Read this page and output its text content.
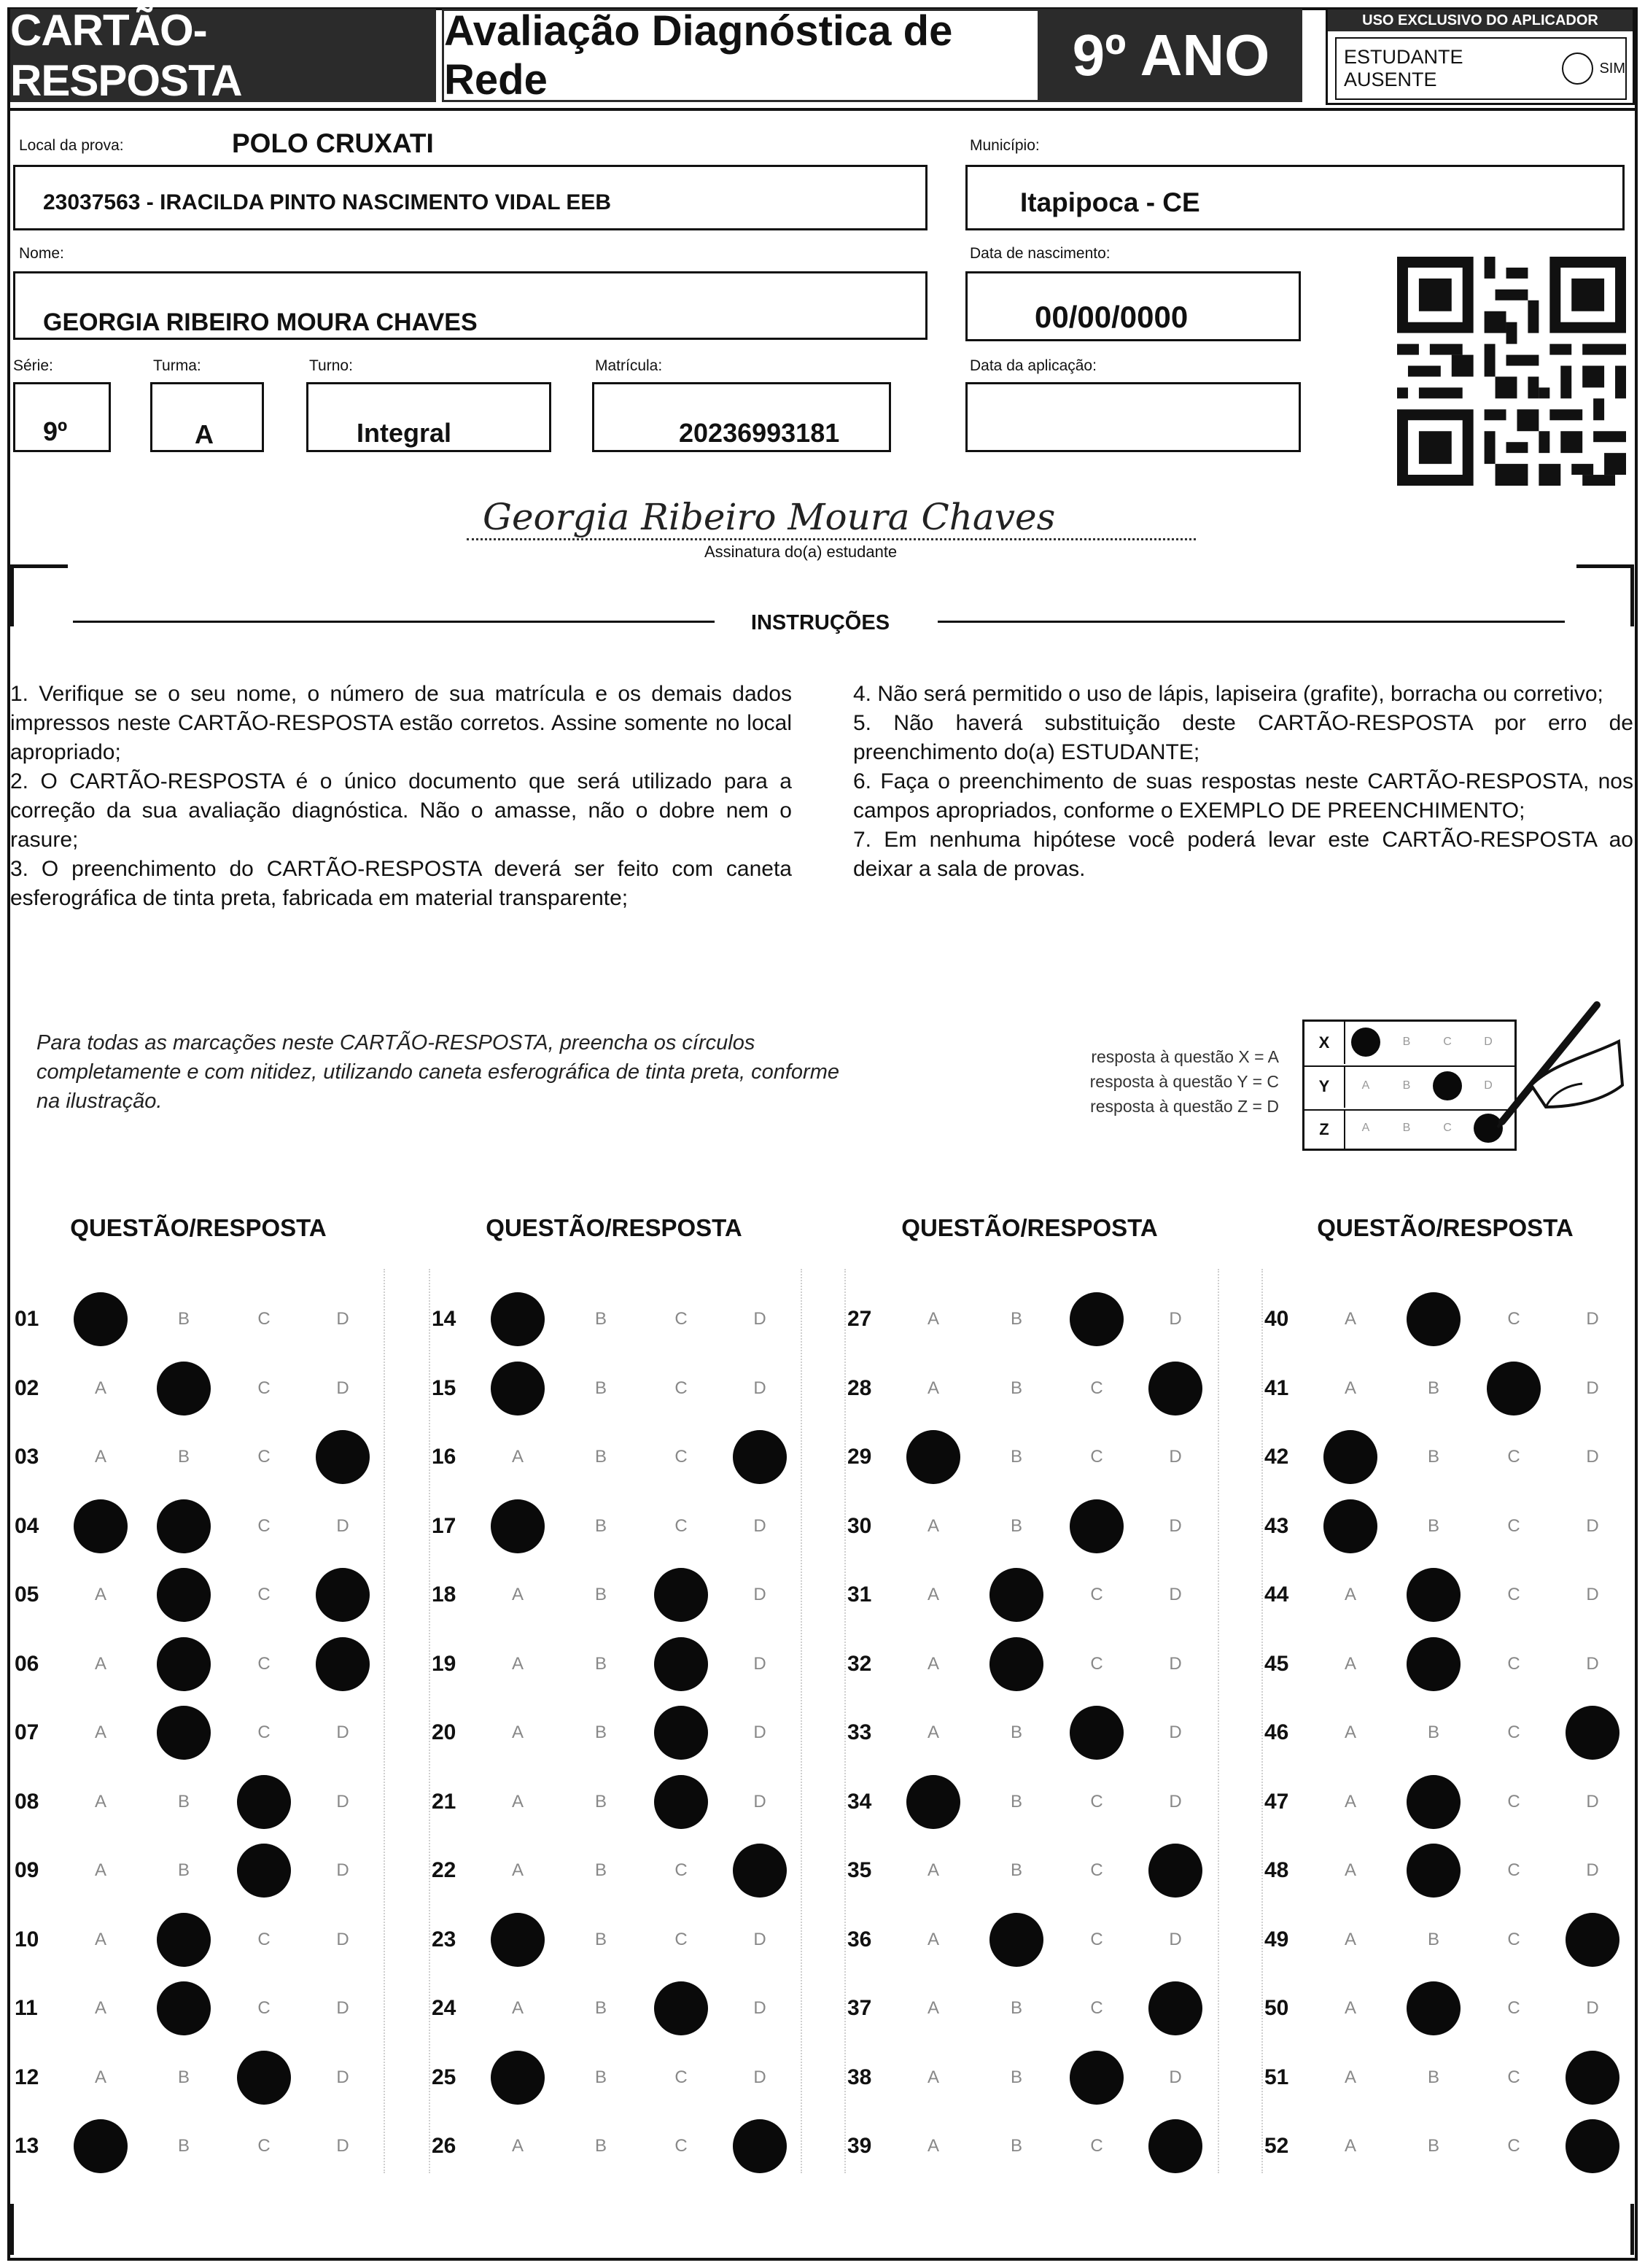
CARTÃO-RESPOSTA
Avaliação Diagnóstica de Rede	9º ANO
USO EXCLUSIVO DO APLICADOR
ESTUDANTE AUSENTE
SIM
Local da prova:	POLO CRUXATI
23037563 - IRACILDA PINTO NASCIMENTO VIDAL EEB
Município:
Itapipoca - CE
Nome:
GEORGIA RIBEIRO MOURA CHAVES
Data de nascimento:
00/00/0000
Série:
9º
Turma:
A
Turno:
Integral
Matrícula:
20236993181
Data da aplicação:
Georgia Ribeiro Moura Chaves
Assinatura do(a) estudante
INSTRUÇÕES

1. Verifique se o seu nome, o número de sua matrícula e os demais dados impressos neste CARTÃO-RESPOSTA estão corretos. Assine somente no local apropriado;

2. O CARTÃO-RESPOSTA é o único documento que será utilizado para a correção da sua avaliação diagnóstica. Não o amasse, não o dobre nem o rasure;

3. O preenchimento do CARTÃO-RESPOSTA deverá ser feito com caneta esferográfica de tinta preta, fabricada em material transparente;

4. Não será permitido o uso de lápis, lapiseira (grafite), borracha ou corretivo;

5. Não haverá substituição deste CARTÃO-RESPOSTA por erro de preenchimento do(a) ESTUDANTE;

6. Faça o preenchimento de suas respostas neste CARTÃO-RESPOSTA, nos campos apropriados, conforme o EXEMPLO DE PREENCHIMENTO;

7. Em nenhuma hipótese você poderá levar este CARTÃO-RESPOSTA ao deixar a sala de provas.

Para todas as marcações neste CARTÃO-RESPOSTA, preencha os círculos completamente e com nitidez, utilizando caneta esferográfica de tinta preta, conforme na ilustração.
resposta à questão X = A
resposta à questão Y = C
resposta à questão Z = D
X	B	C	D
Y	A	B	D
Z	A	B	C
QUESTÃO/RESPOSTA	QUESTÃO/RESPOSTA	QUESTÃO/RESPOSTA	QUESTÃO/RESPOSTA
01	B	C	D
02	A	C	D
03	A	B	C
04	C	D
05	A	C
06	A	C
07	A	C	D
08	A	B	D
09	A	B	D
10	A	C	D
11	A	C	D
12	A	B	D
13	B	C	D
14	B	C	D
15	B	C	D
16	A	B	C
17	B	C	D
18	A	B	D
19	A	B	D
20	A	B	D
21	A	B	D
22	A	B	C
23	B	C	D
24	A	B	D
25	B	C	D
26	A	B	C
27	A	B	D
28	A	B	C
29	B	C	D
30	A	B	D
31	A	C	D
32	A	C	D
33	A	B	D
34	B	C	D
35	A	B	C
36	A	C	D
37	A	B	C
38	A	B	D
39	A	B	C
40	A	C	D
41	A	B	D
42	B	C	D
43	B	C	D
44	A	C	D
45	A	C	D
46	A	B	C
47	A	C	D
48	A	C	D
49	A	B	C
50	A	C	D
51	A	B	C
52	A	B	C
